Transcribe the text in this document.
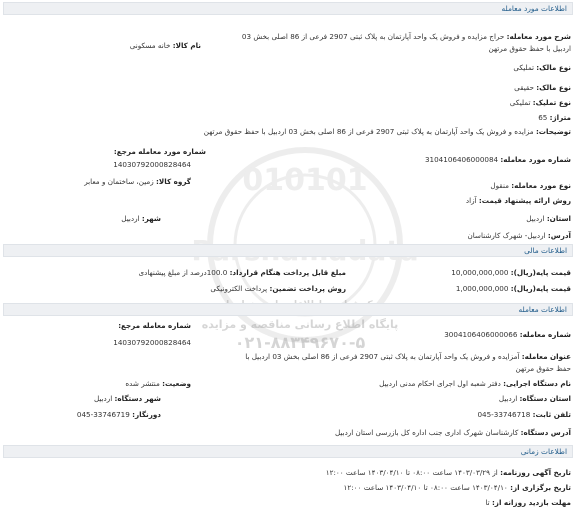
010101
پایگاه اطلاع رسانی مناقصه و مزایده
۰۲۱-۸۸۳۴۹۶۷۰-۵
اطلاعات مورد معامله
شرح مورد معامله: حراج مزایده و فروش یک واحد آپارتمان به پلاک ثبتی 2907 فرعی از 86 اصلی بخش 03
اردبیل با حفظ حقوق مرتهن
نام کالا: خانه مسکونی
نوع مالک: تملیکی
نوع مالک: حقیقی
نوع تملیک: تملیکی
متراژ: 65
توضیحات: مزایده و فروش یک واحد آپارتمان به پلاک ثبتی 2907 فرعی از 86 اصلی بخش 03 اردبیل با حفظ حقوق مرتهن
شماره مورد معامله مرجع:
14030792000828464
شماره مورد معامله: 3104106406000084
گروه کالا: زمین، ساختمان و معابر	نوع مورد معامله: منقول
روش ارائه پیشنهاد قیمت: آزاد
استان: اردبیل
شهر: اردبیل
آدرس: اردبیل- شهرک کارشناسان
اطلاعات مالی
قیمت پایه(ریال): 10,000,000,000
مبلغ قابل پرداخت هنگام قرارداد: 100.0درصد از مبلغ پیشنهادی
قیمت پایه(ریال): 1,000,000,000
روش پرداخت تضمین: پرداخت الکترونیکی
اطلاعات معامله
شماره معامله مرجع:
14030792000828464
شماره معامله: 3004106406000066
عنوان معامله: آمزایده و فروش یک واحد آپارتمان به پلاک ثبتی 2907 فرعی از 86 اصلی بخش 03 اردبیل با
حفظ حقوق مرتهن
نام دستگاه اجرایی: دفتر شعبه اول اجرای احکام مدنی اردبیل
وضعیت: منتشر شده
استان دستگاه: اردبیل
شهر دستگاه: اردبیل
تلفن ثابت: 33746718-045
دورنگار: 33746719-045
آدرس دستگاه: کارشناسان شهرک اداری جنب اداره کل بازرسی استان اردبیل
اطلاعات زمانی
تاریخ آگهی روزنامه: از ۱۴۰۳/۰۳/۲۹ ساعت ۰۸:۰۰ تا ۱۴۰۳/۰۴/۱۰ ساعت ۱۲:۰۰
تاریخ برگزاری از: ۱۴۰۳/۰۴/۱۰ ساعت ۰۸:۰۰ تا ۱۴۰۳/۰۴/۱۰ ساعت ۱۲:۰۰
مهلت بازدید روزانه از: تا
